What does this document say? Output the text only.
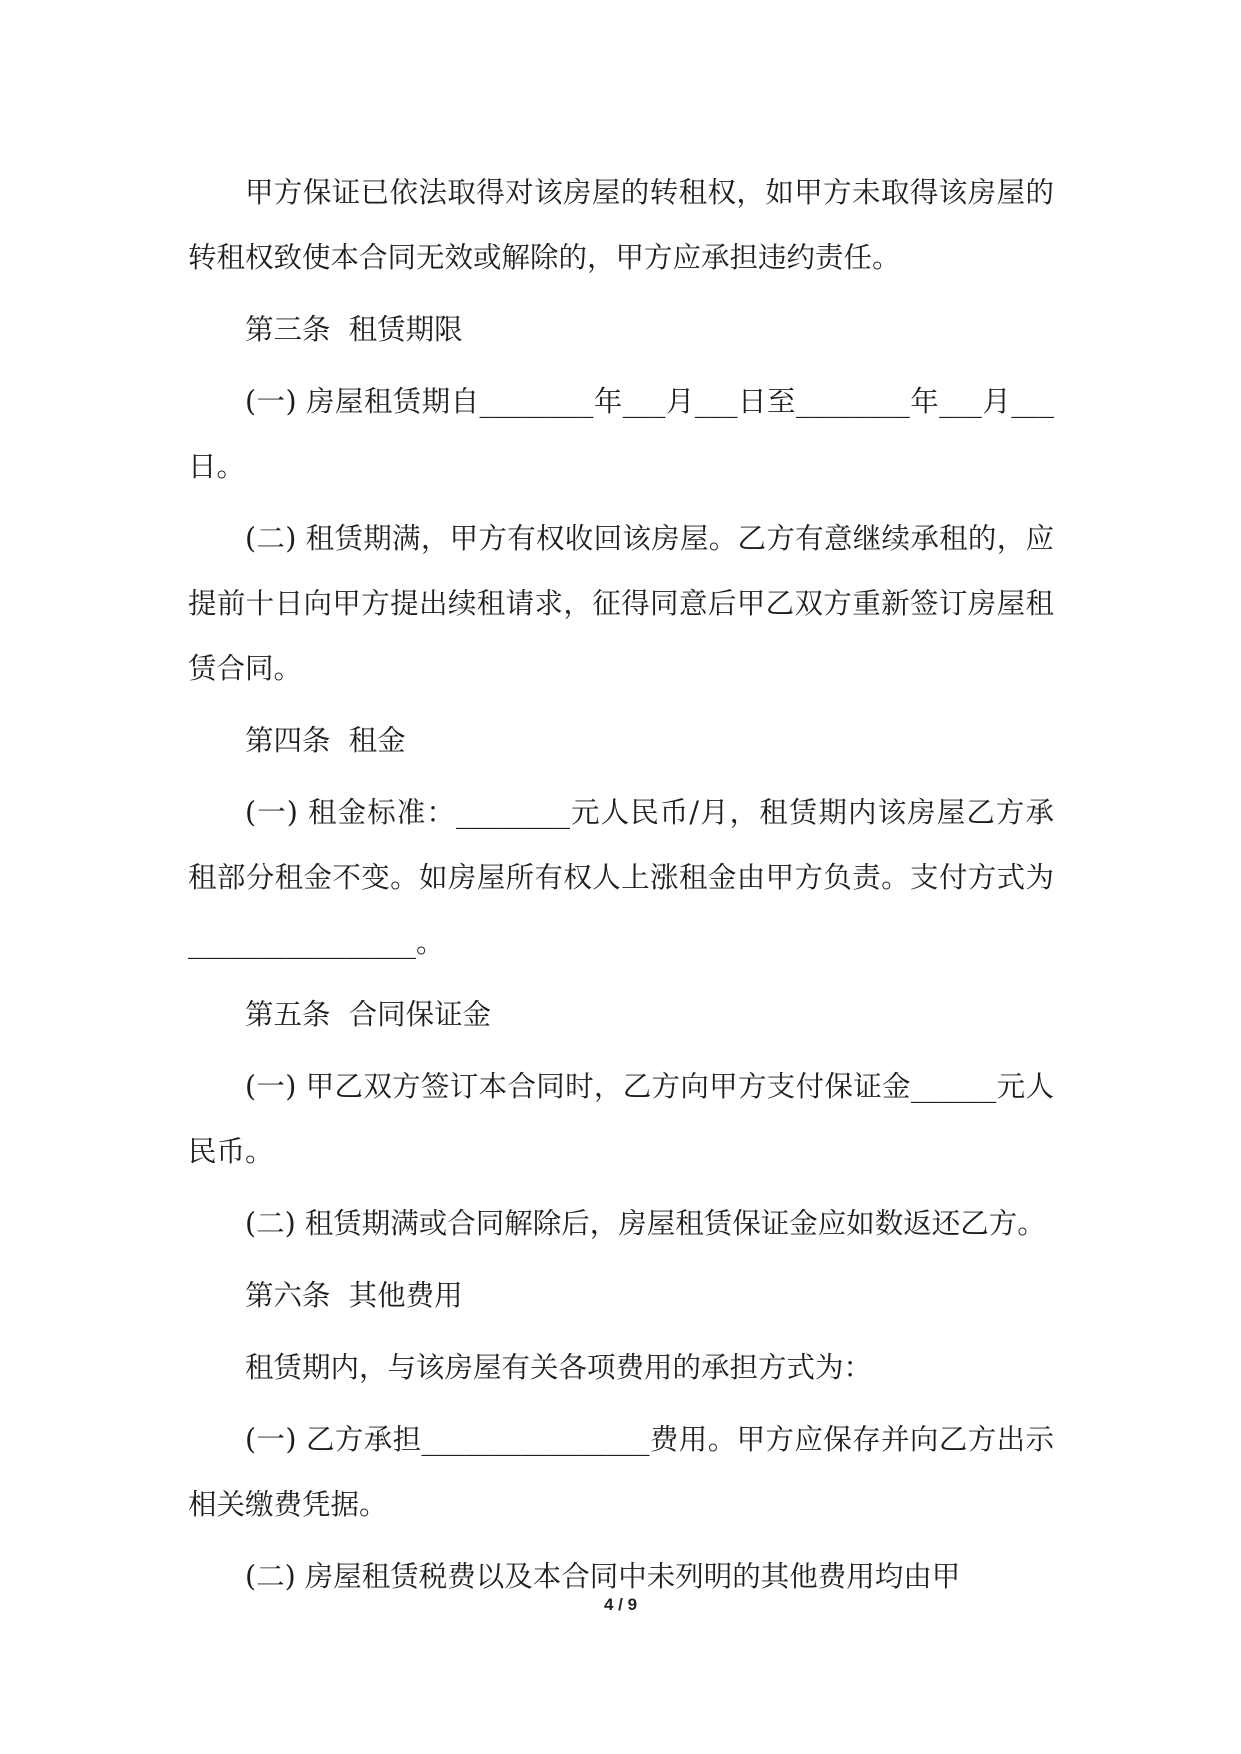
甲方保证已依法取得对该房屋的转租权，如甲方未取得该房屋的转租权致使本合同无效或解除的，甲方应承担违约责任。

第三条  租赁期限

(一) 房屋租赁期自________年___月___日至________年___月___日。

(二) 租赁期满，甲方有权收回该房屋。乙方有意继续承租的，应提前十日向甲方提出续租请求，征得同意后甲乙双方重新签订房屋租赁合同。

第四条  租金

(一) 租金标准：________元人民币/月，租赁期内该房屋乙方承租部分租金不变。如房屋所有权人上涨租金由甲方负责。支付方式为________________。

第五条  合同保证金

(一) 甲乙双方签订本合同时，乙方向甲方支付保证金______元人民币。

(二) 租赁期满或合同解除后，房屋租赁保证金应如数返还乙方。

第六条  其他费用

租赁期内，与该房屋有关各项费用的承担方式为：

(一) 乙方承担________________费用。甲方应保存并向乙方出示相关缴费凭据。

(二) 房屋租赁税费以及本合同中未列明的其他费用均由甲

4 / 9
